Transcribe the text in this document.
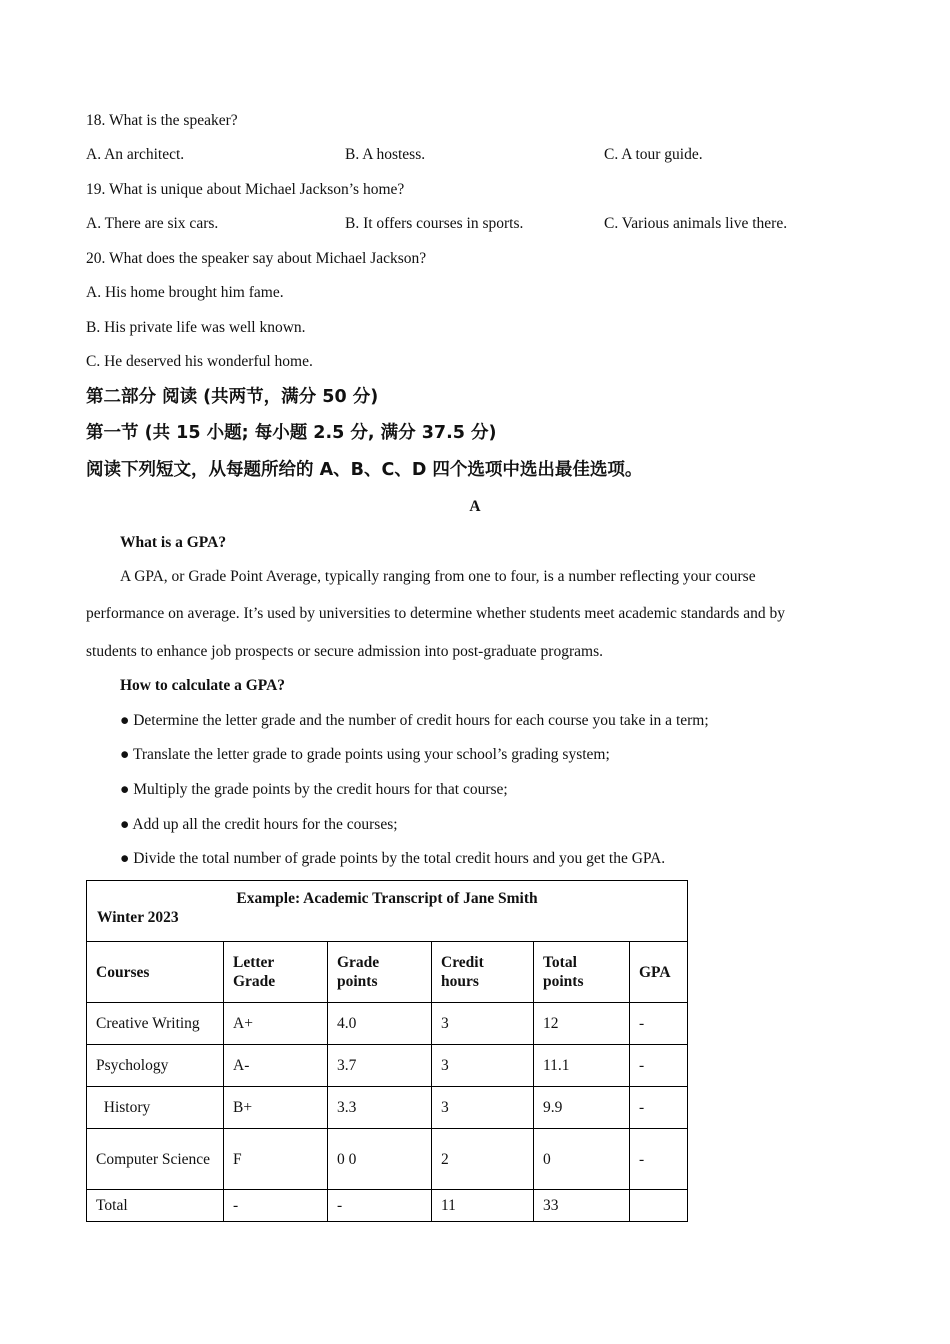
18. What is the speaker?
A. An architect.	B. A hostess.	C. A tour guide.
19. What is unique about Michael Jackson’s home?
A. There are six cars.	B. It offers courses in sports.	C. Various animals live there.
20. What does the speaker say about Michael Jackson?
A. His home brought him fame.
B. His private life was well known.
C. He deserved his wonderful home.
第二部分 阅读 (共两节，满分 50 分)
第一节 (共 15 小题; 每小题 2.5 分, 满分 37.5 分)
阅读下列短文，从每题所给的 A、B、C、D 四个选项中选出最佳选项。
A
What is a GPA?
A GPA, or Grade Point Average, typically ranging from one to four, is a number reflecting your course
performance on average. It’s used by universities to determine whether students meet academic standards and by
students to enhance job prospects or secure admission into post-graduate programs.
How to calculate a GPA?
● Determine the letter grade and the number of credit hours for each course you take in a term;
● Translate the letter grade to grade points using your school’s grading system;
● Multiply the grade points by the credit hours for that course;
● Add up all the credit hours for the courses;
● Divide the total number of grade points by the total credit hours and you get the GPA.
Example: Academic Transcript of Jane Smith
Winter 2023					

Courses	Letter Grade	Grade points	Credit hours	Total points	GPA
Creative Writing	A+	4.0	3	12	-
Psychology	A-	3.7	3	11.1	-
History	B+	3.3	3	9.9	-
Computer Science	F	0 0	2	0	-
Total	-	-	11	33	
